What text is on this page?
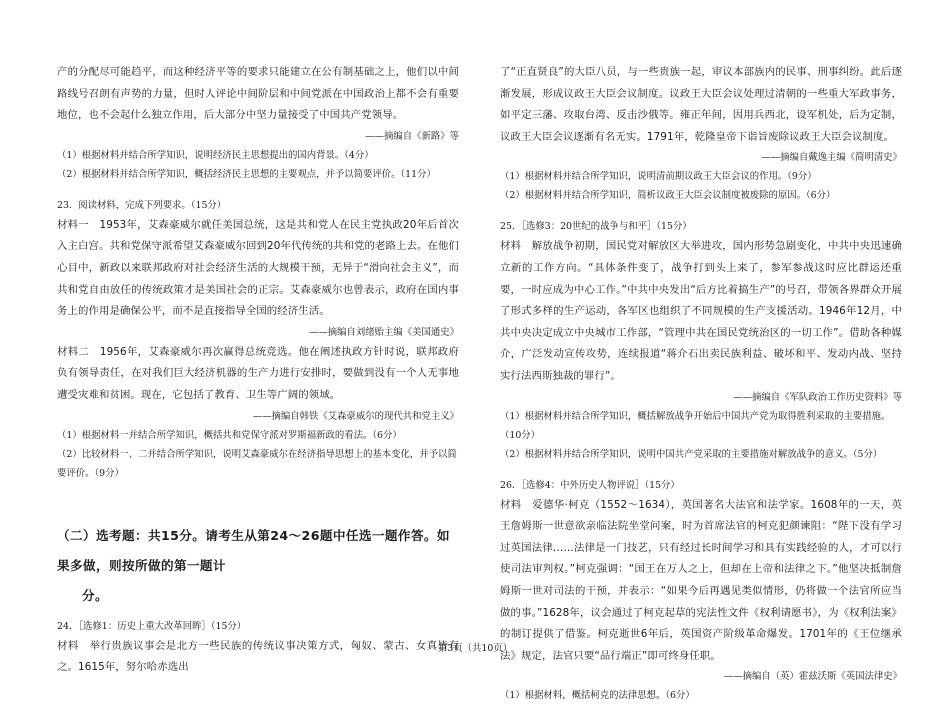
产的分配尽可能趋平，而这种经济平等的要求只能建立在公有制基础之上，他们以中间路线号召朗有声势的力量，但时人评论中间阶层和中间党派在中国政治上都不会有重要地位，也不会起什么独立作用，后大部分中坚力量接受了中国共产党领导。

——摘编自《新路》等

（1）根据材料并结合所学知识，说明经济民主思想提出的国内背景。（4分）

（2）根据材料并结合所学知识，概括经济民主思想的主要观点，并予以简要评价。（11分）

23．阅读材料，完成下列要求。（15分）

材料一　1953年，艾森豪威尔就任美国总统，这是共和党人在民主党执政20年后首次入主白宫。共和党保守派希望艾森豪威尔回到20年代传统的共和党的老路上去。在他们心目中，新政以来联邦政府对社会经济生活的大规模干预，无异于“滑向社会主义”，而共和党自由放任的传统政策才是美国社会的正宗。艾森豪威尔也曾表示，政府在国内事务上的作用是确保公平，而不是直接指导全国的经济生活。

——摘编自刘绪贻主编《美国通史》

材料二　1956年，艾森豪威尔再次赢得总统竞选。他在阐述执政方针时说，联邦政府负有领导责任，在对我们巨大经济机器的生产力进行安排时，要做到没有一个人无事地遭受灾难和贫困。现在，它包括了教育、卫生等广阔的领域。

——摘编自韩铁《艾森豪威尔的现代共和党主义》

（1）根据材料一并结合所学知识，概括共和党保守派对罗斯福新政的看法。（6分）

（2）比较材料一、二并结合所学知识，说明艾森豪威尔在经济指导思想上的基本变化，并予以简要评价。（9分）

（二）选考题：共15分。请考生从第24～26题中任选一题作答。如果多做，则按所做的第一题计

分。

24．［选修1：历史上重大改革回眸］（15分）

材料　举行贵族议事会是北方一些民族的传统议事决策方式，匈奴、蒙古、女真皆有之。1615年，努尔哈赤选出

了“正直贤良”的大臣八员，与一些贵族一起，审议本部族内的民事、刑事纠纷。此后逐渐发展，形成议政王大臣会议制度。议政王大臣会议处理过清朝的一些重大军政事务，如平定三藩、攻取台湾、反击沙俄等。雍正年间，因用兵西北，设军机处，后为定制，议政王大臣会议逐渐有名无实。1791年，乾隆皇帝下诣旨废除议政王大臣会议制度。

——摘编自戴逸主编《简明清史》

（1）根据材料并结合所学知识，说明清前期议政王大臣会议的作用。（9分）

（2）根据材料并结合所学知识，简析议政王大臣会议制度被废除的原因。（6分）

25．［选修3：20世纪的战争与和平］（15分）

材料　解放战争初期，国民党对解放区大举进攻，国内形势急剧变化，中共中央迅速确立新的工作方向。“具体条件变了，战争打到头上来了，参军参战这时应比群运还重要，一时应成为中心工作。”中共中央发出“后方比着搞生产”的号召，带领各界群众开展了形式多样的生产运动，各军区也组织了不同规模的生产支援活动。1946年12月，中共中央决定成立中央城市工作部，“管理中共在国民党统治区的一切工作”。借助各种媒介，广泛发动宣传攻势，连续报道“蒋介石出卖民族利益、破坏和平、发动内战、坚持实行法西斯独裁的罪行”。

——摘编自《军队政治工作历史资料》等

（1）根据材料并结合所学知识，概括解放战争开始后中国共产党为取得胜利采取的主要措施。（10分）

（2）根据材料并结合所学知识，说明中国共产党采取的主要措施对解放战争的意义。（5分）

26．［选修4：中外历史人物评说］（15分）

材料　爱德华·柯克（1552～1634），英国著名大法官和法学家。1608年的一天，英王詹姆斯一世意欲亲临法院坐堂问案，时为首席法官的柯克犯颜谏阻：“陛下没有学习过英国法律……法律是一门技艺，只有经过长时间学习和具有实践经验的人，才可以行使司法审判权。”柯克强调：“国王在万人之上，但却在上帝和法律之下。”他坚决抵制詹姆斯一世对司法的干预，并表示：“如果今后再遇见类似情形，仍将做一个法官所应当做的事。”1628年，议会通过了柯克起草的宪法性文件《权利请愿书》，为《权利法案》的制订提供了借鉴。柯克逝世6年后，英国资产阶级革命爆发。1701年的《王位继承法》规定，法官只要“品行端正”即可终身任职。

——摘编自（英）霍兹沃斯《英国法律史》

（1）根据材料，概括柯克的法律思想。（6分）

第3页（共10页）
